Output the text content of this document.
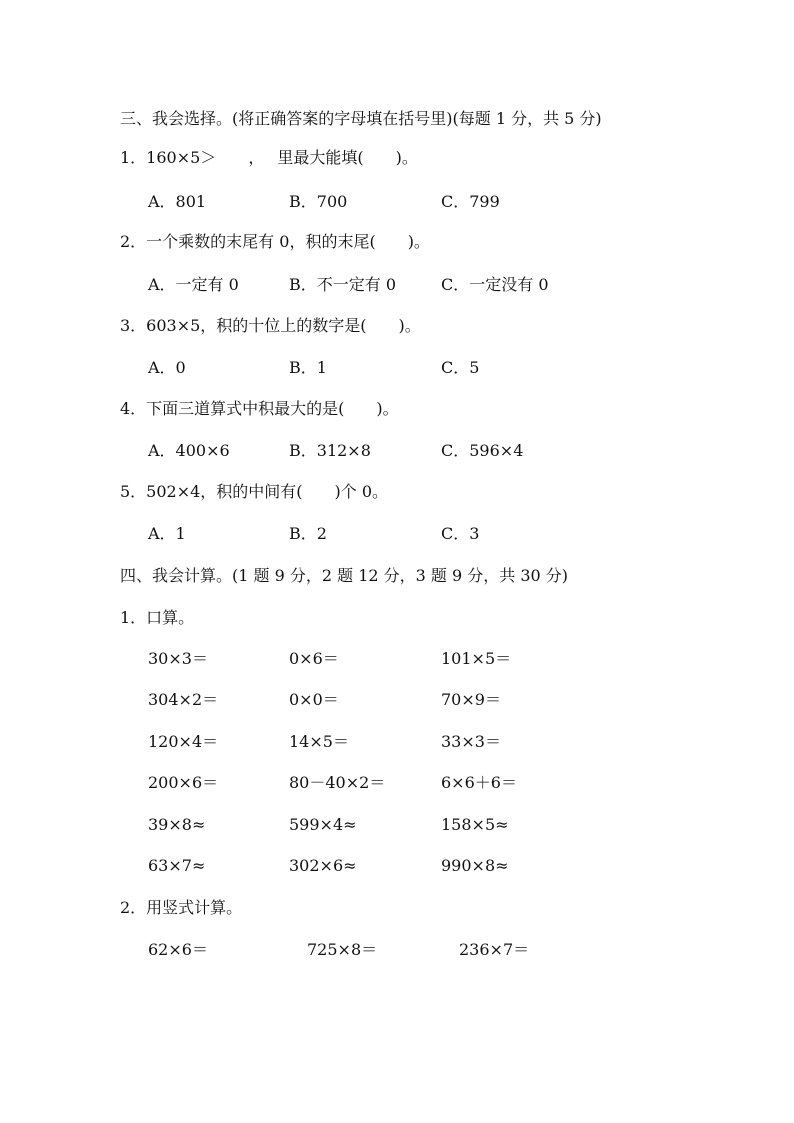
三、我会选择。(将正确答案的字母填在括号里)(每题 1 分，共 5 分)
1．160×5＞ ，　 里最大能填(　　)。
A．801	B．700	C．799
2．一个乘数的末尾有 0，积的末尾(　　)。
A．一定有 0	B．不一定有 0	C．一定没有 0
3．603×5，积的十位上的数字是(　　)。
A．0	B．1	C．5
4．下面三道算式中积最大的是(　　)。
A．400×6	B．312×8	C．596×4
5．502×4，积的中间有(　　)个 0。
A．1	B．2	C．3
四、我会计算。(1 题 9 分，2 题 12 分，3 题 9 分，共 30 分)
1．口算。
30×3＝	0×6＝	101×5＝
304×2＝	0×0＝	70×9＝
120×4＝	14×5＝	33×3＝
200×6＝	80－40×2＝	6×6＋6＝
39×8≈	599×4≈	158×5≈
63×7≈	302×6≈	990×8≈
2．用竖式计算。
62×6＝	725×8＝	236×7＝
